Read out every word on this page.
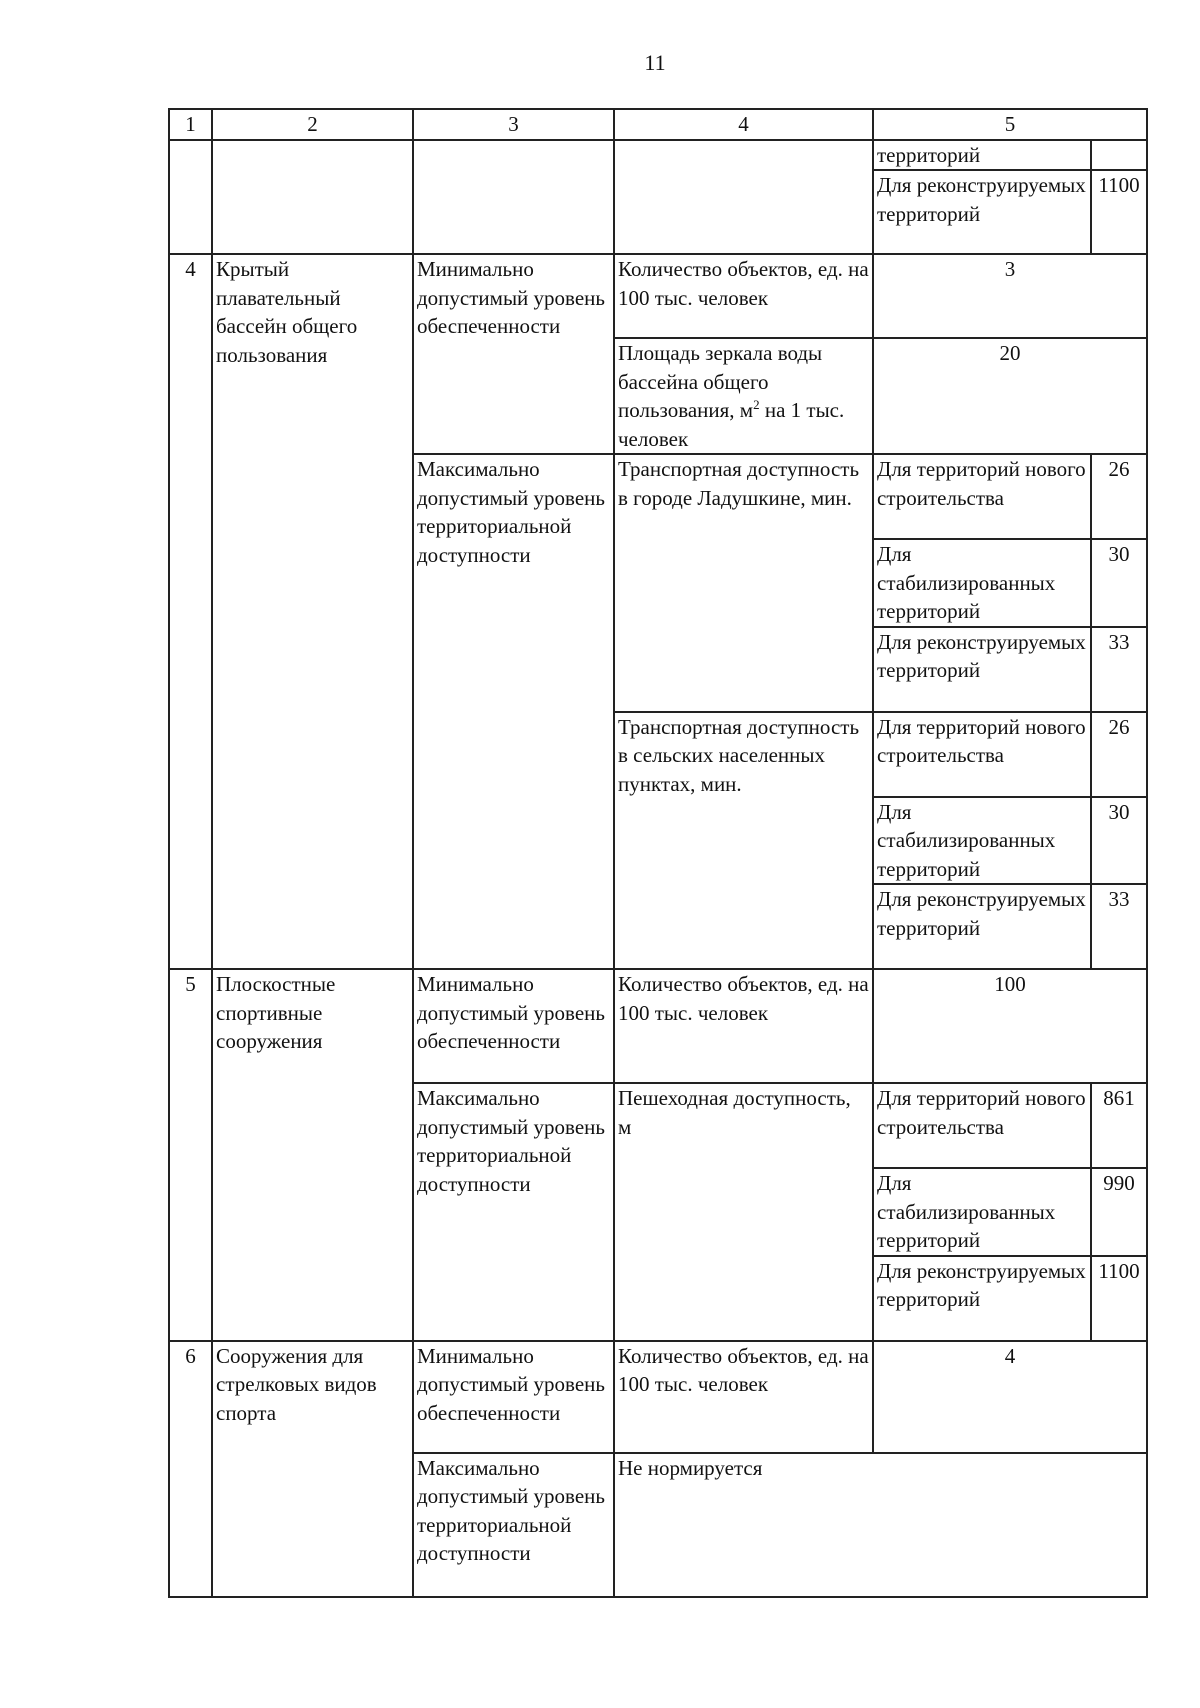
11
1	2	3	4	5	
				территорий	
				Для реконструируемых территорий	1100
4	Крытый плавательный бассейн общего пользования	Минимально допустимый уровень обеспеченности	Количество объектов, ед. на 100 тыс. человек	3	
			Площадь зеркала воды бассейна общего пользования, $м^2$ на 1 тыс. человек	20	
		Максимально допустимый уровень территориальной доступности	Транспортная доступность в городе Ладушкине, мин.	Для территорий нового строительства	26
				Для стабилизированных территорий	30
				Для реконструируемых территорий	33
			Транспортная доступность в сельских населенных пунктах, мин.	Для территорий нового строительства	26
				Для стабилизированных территорий	30
				Для реконструируемых территорий	33
5	Плоскостные спортивные сооружения	Минимально допустимый уровень обеспеченности	Количество объектов, ед. на 100 тыс. человек	100	
		Максимально допустимый уровень территориальной доступности	Пешеходная доступность, м	Для территорий нового строительства	861
				Для стабилизированных территорий	990
				Для реконструируемых территорий	1100
6	Сооружения для стрелковых видов спорта	Минимально допустимый уровень обеспеченности	Количество объектов, ед. на 100 тыс. человек	4	
		Максимально допустимый уровень территориальной доступности	Не нормируется		
